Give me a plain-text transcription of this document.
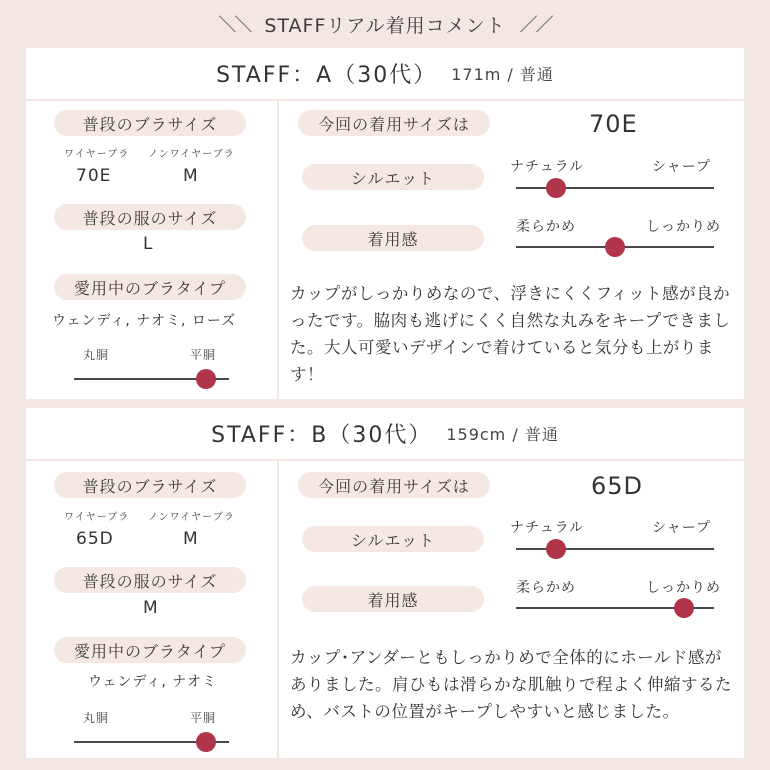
＼＼ STAFFリアル着用コメント ／／
STAFF：A（30代） 171m / 普通
普段のブラサイズ
ワイヤーブラ ノンワイヤーブラ
70E	M
普段の服のサイズ
L
愛用中のブラタイプ
ウェンディ, ナオミ, ローズ
丸胴	平胴
今回の着用サイズは	70E
シルエット
ナチュラル	シャープ
着用感
柔らかめ	しっかりめ
カップがしっかりめなので、浮きにくくフィット感が良かったです。脇肉も逃げにくく自然な丸みをキープできました。大人可愛いデザインで着けていると気分も上がります！
STAFF：B（30代） 159cm / 普通
普段のブラサイズ
ワイヤーブラ ノンワイヤーブラ
65D	M
普段の服のサイズ
M
愛用中のブラタイプ
ウェンディ, ナオミ
丸胴	平胴
今回の着用サイズは	65D
シルエット
ナチュラル	シャープ
着用感
柔らかめ	しっかりめ
カップ･アンダーともしっかりめで全体的にホールド感がありました。肩ひもは滑らかな肌触りで程よく伸縮するため、バストの位置がキープしやすいと感じました。
